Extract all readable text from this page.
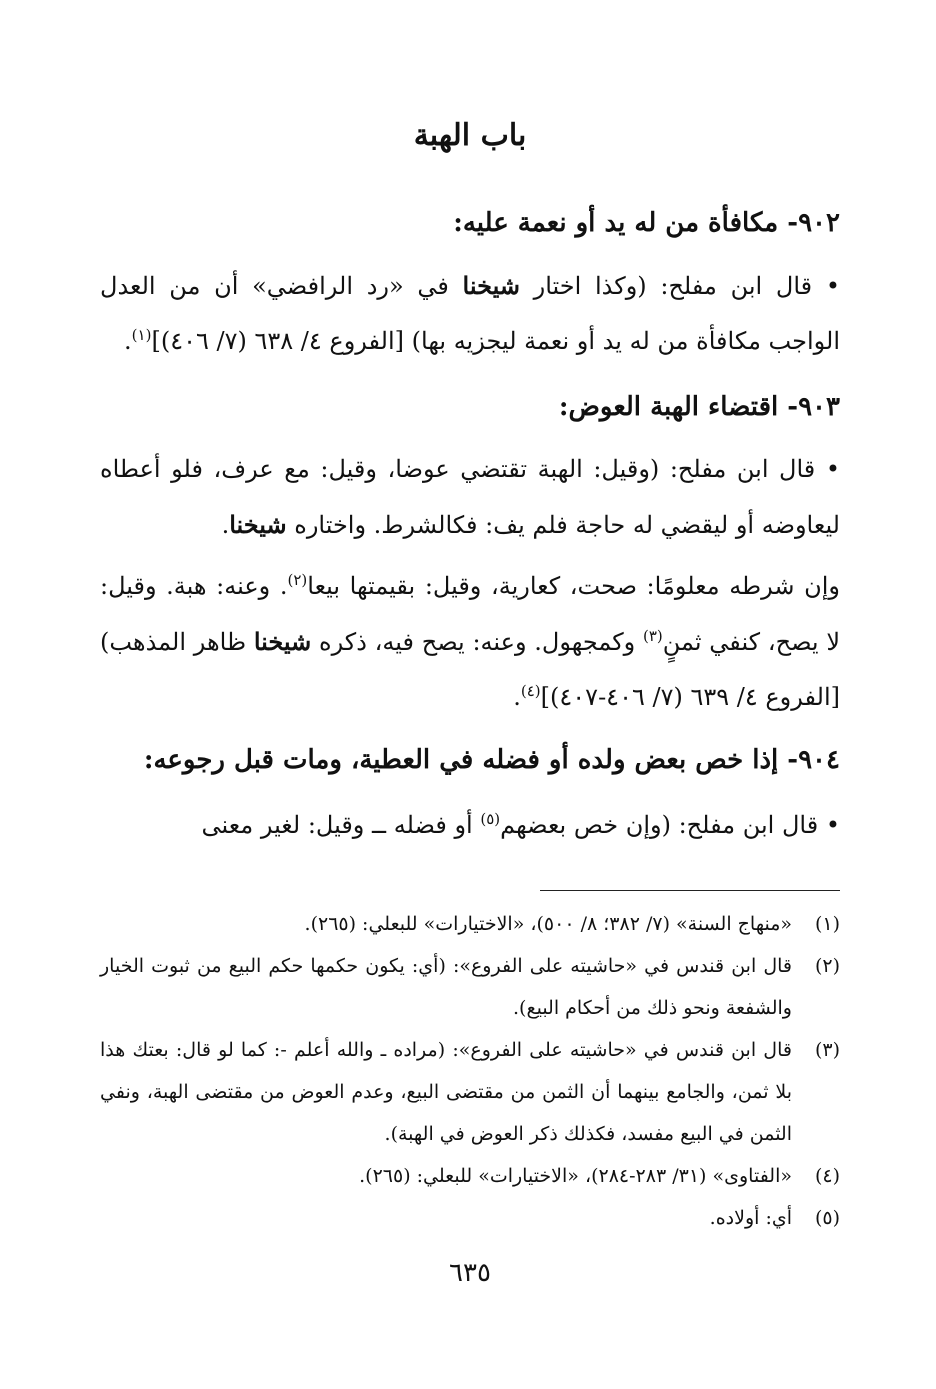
باب الهبة
٩٠٢- مكافأة من له يد أو نعمة عليه:

• قال ابن مفلح: (وكذا اختار شيخنا في «رد الرافضي» أن من العدل الواجب مكافأة من له يد أو نعمة ليجزيه بها) [الفروع ٤/ ٦٣٨ (٧/ ٤٠٦)]$^{(١)}$.

٩٠٣- اقتضاء الهبة العوض:

• قال ابن مفلح: (وقيل: الهبة تقتضي عوضا، وقيل: مع عرف، فلو أعطاه ليعاوضه أو ليقضي له حاجة فلم يف: فكالشرط. واختاره شيخنا.

وإن شرطه معلومًا: صحت، كعارية، وقيل: بقيمتها بيعا$^{(٢)}$. وعنه: هبة. وقيل: لا يصح، كنفي ثمنٍ$^{(٣)}$ وكمجهول. وعنه: يصح فيه، ذكره شيخنا ظاهر المذهب) [الفروع ٤/ ٦٣٩ (٧/ ٤٠٦-٤٠٧)]$^{(٤)}$.

٩٠٤- إذا خص بعض ولده أو فضله في العطية، ومات قبل رجوعه:

• قال ابن مفلح: (وإن خص بعضهم$^{(٥)}$ أو فضله ــ وقيل: لغير معنى

(١)
«منهاج السنة» (٧/ ٣٨٢؛ ٨/ ٥٠٠)، «الاختيارات» للبعلي: (٢٦٥).
(٢)
قال ابن قندس في «حاشيته على الفروع»: (أي: يكون حكمها حكم البيع من ثبوت الخيار والشفعة ونحو ذلك من أحكام البيع).
(٣)
قال ابن قندس في «حاشيته على الفروع»: (مراده ـ والله أعلم -: كما لو قال: بعتك هذا بلا ثمن، والجامع بينهما أن الثمن من مقتضى البيع، وعدم العوض من مقتضى الهبة، ونفي الثمن في البيع مفسد، فكذلك ذكر العوض في الهبة).
(٤)
«الفتاوى» (٣١/ ٢٨٣-٢٨٤)، «الاختيارات» للبعلي: (٢٦٥).
(٥)
أي: أولاده.

٦٣٥
